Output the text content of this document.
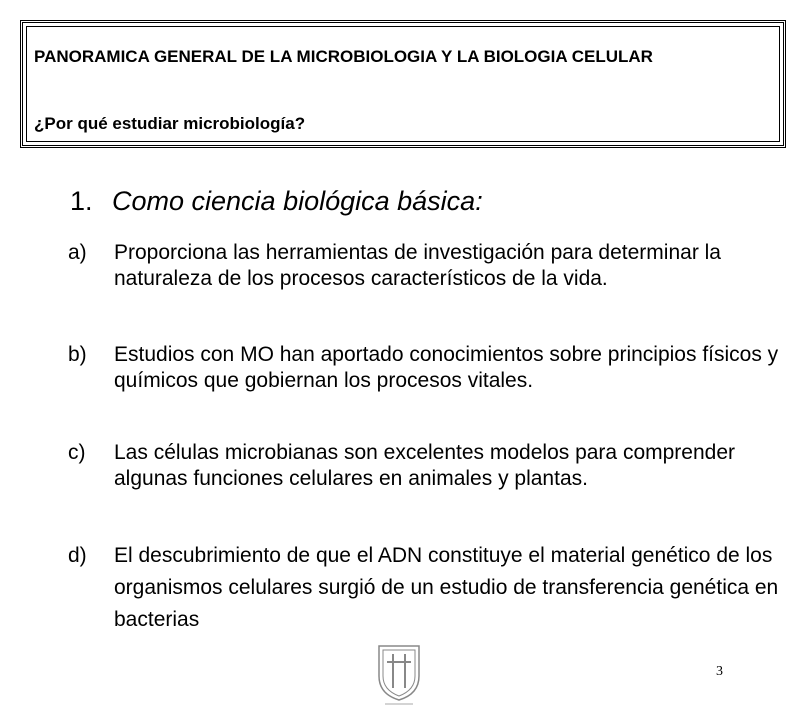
PANORAMICA GENERAL DE LA MICROBIOLOGIA Y LA BIOLOGIA CELULAR
¿Por qué estudiar microbiología?
1. Como ciencia biológica básica:
a) Proporciona las herramientas de investigación para determinar la naturaleza de los procesos característicos de la vida.
b) Estudios con MO han aportado conocimientos sobre principios físicos y químicos que gobiernan los procesos vitales.
c) Las células microbianas son excelentes modelos para comprender algunas funciones celulares en animales y plantas.
d) El descubrimiento de que el ADN constituye el material genético de los organismos celulares surgió de un estudio de transferencia genética en bacterias
3
